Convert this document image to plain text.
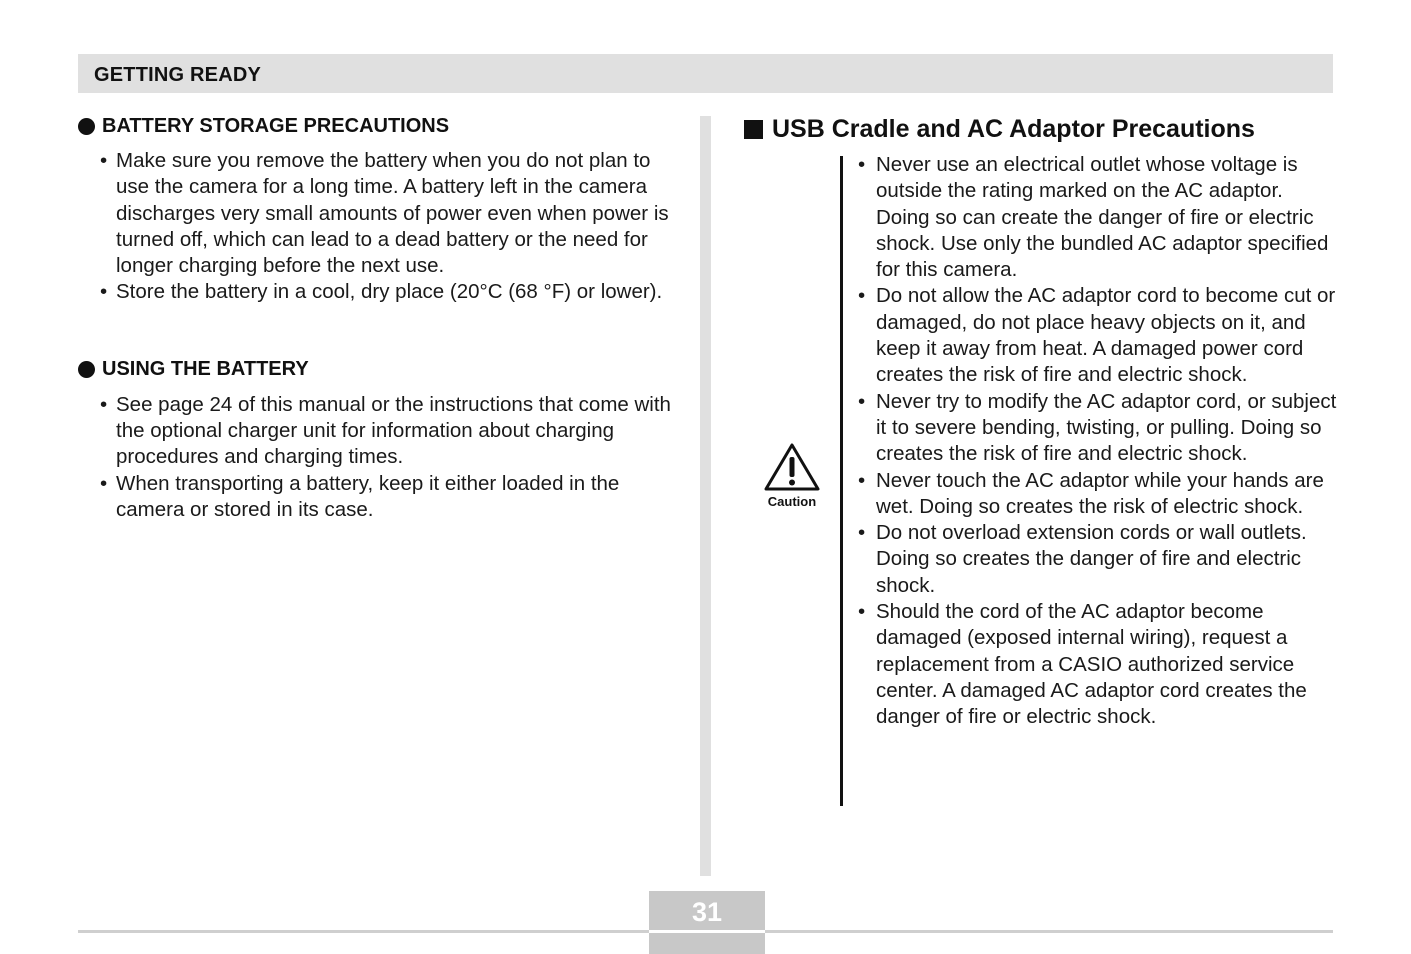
GETTING READY
BATTERY STORAGE PRECAUTIONS
• Make sure you remove the battery when you do not plan to use the camera for a long time. A battery left in the camera discharges very small amounts of power even when power is turned off, which can lead to a dead battery or the need for longer charging before the next use.
• Store the battery in a cool, dry place (20°C (68 °F) or lower).
USING THE BATTERY
• See page 24 of this manual or the instructions that come with the optional charger unit for information about charging procedures and charging times.
• When transporting a battery, keep it either loaded in the camera or stored in its case.
USB Cradle and AC Adaptor Precautions
Caution
• Never use an electrical outlet whose voltage is outside the rating marked on the AC adaptor. Doing so can create the danger of fire or electric shock. Use only the bundled AC adaptor specified for this camera.
• Do not allow the AC adaptor cord to become cut or damaged, do not place heavy objects on it, and keep it away from heat. A damaged power cord creates the risk of fire and electric shock.
• Never try to modify the AC adaptor cord, or subject it to severe bending, twisting, or pulling. Doing so creates the risk of fire and electric shock.
• Never touch the AC adaptor while your hands are wet. Doing so creates the risk of electric shock.
• Do not overload extension cords or wall outlets. Doing so creates the danger of fire and electric shock.
• Should the cord of the AC adaptor become damaged (exposed internal wiring), request a replacement from a CASIO authorized service center. A damaged AC adaptor cord creates the danger of fire or electric shock.
31
